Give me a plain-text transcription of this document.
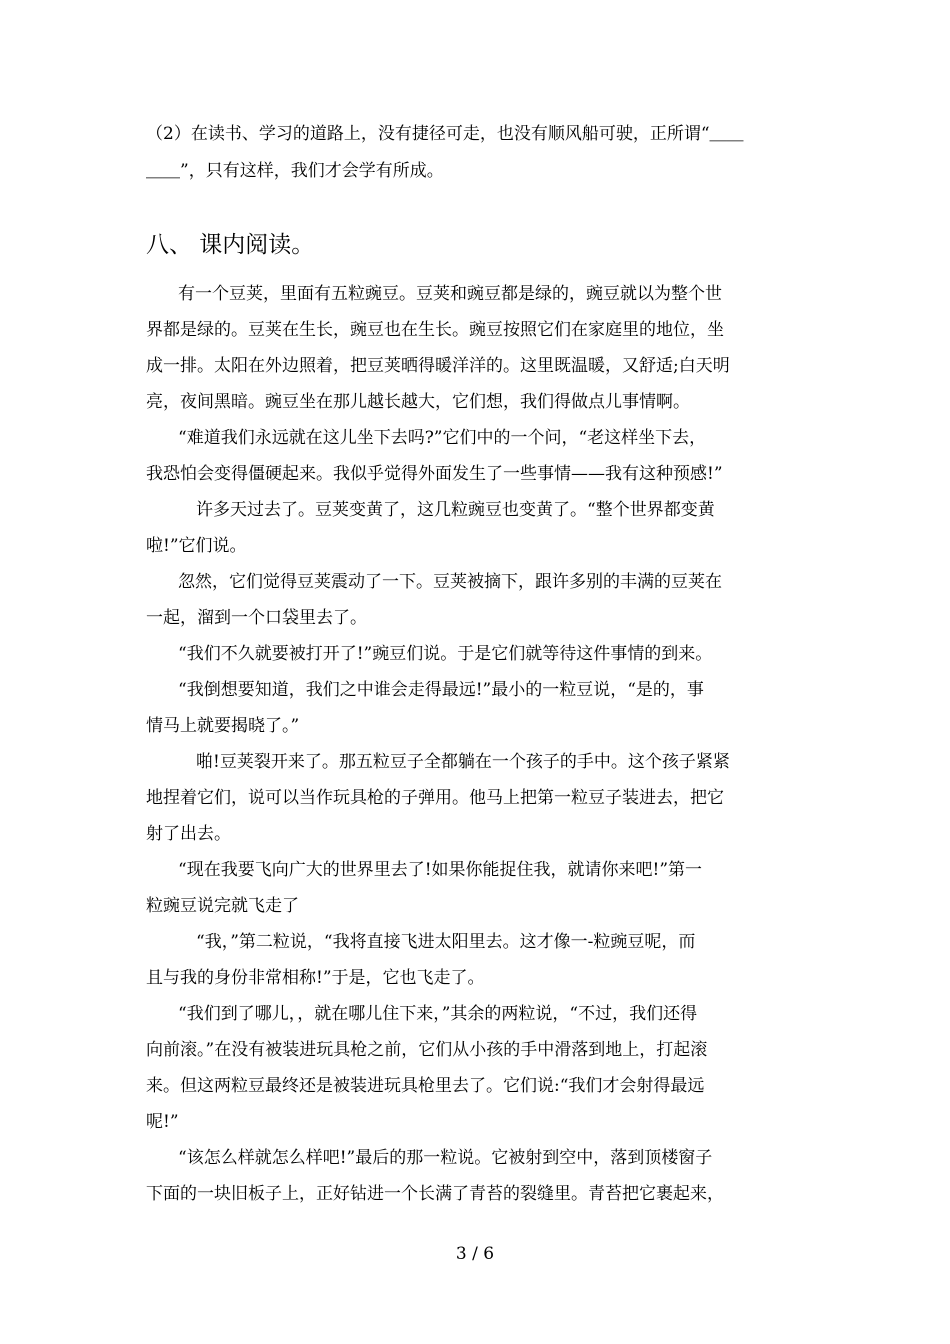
（2）在读书、学习的道路上，没有捷径可走，也没有顺风船可驶，正所谓“＿＿
＿＿”，只有这样，我们才会学有所成。
八、 课内阅读。
有一个豆荚，里面有五粒豌豆。豆荚和豌豆都是绿的，豌豆就以为整个世
界都是绿的。豆荚在生长，豌豆也在生长。豌豆按照它们在家庭里的地位，坐
成一排。太阳在外边照着，把豆荚晒得暖洋洋的。这里既温暖，又舒适;白天明
亮，夜间黑暗。豌豆坐在那儿越长越大，它们想，我们得做点儿事情啊。
“难道我们永远就在这儿坐下去吗?”它们中的一个问，“老这样坐下去，
我恐怕会变得僵硬起来。我似乎觉得外面发生了一些事情——我有这种预感!”
许多天过去了。豆荚变黄了，这几粒豌豆也变黄了。“整个世界都变黄
啦!”它们说。
忽然，它们觉得豆荚震动了一下。豆荚被摘下，跟许多别的丰满的豆荚在
一起，溜到一个口袋里去了。
“我们不久就要被打开了!”豌豆们说。于是它们就等待这件事情的到来。
“我倒想要知道，我们之中谁会走得最远!”最小的一粒豆说，“是的，事
情马上就要揭晓了。”
啪!豆荚裂开来了。那五粒豆子全都躺在一个孩子的手中。这个孩子紧紧
地捏着它们，说可以当作玩具枪的子弹用。他马上把第一粒豆子装进去，把它
射了出去。
“现在我要飞向广大的世界里去了!如果你能捉住我，就请你来吧!”第一
粒豌豆说完就飞走了
“我，”第二粒说，“我将直接飞进太阳里去。这才像一-粒豌豆呢，而
且与我的身份非常相称!”于是，它也飞走了。
“我们到了哪儿，，就在哪儿住下来，”其余的两粒说，“不过，我们还得
向前滚。”在没有被装进玩具枪之前，它们从小孩的手中滑落到地上，打起滚
来。但这两粒豆最终还是被装进玩具枪里去了。它们说:“我们才会射得最远
呢!”
“该怎么样就怎么样吧!”最后的那一粒说。它被射到空中，落到顶楼窗子
下面的一块旧板子上，正好钻进一个长满了青苔的裂缝里。青苔把它裹起来，
3 / 6
